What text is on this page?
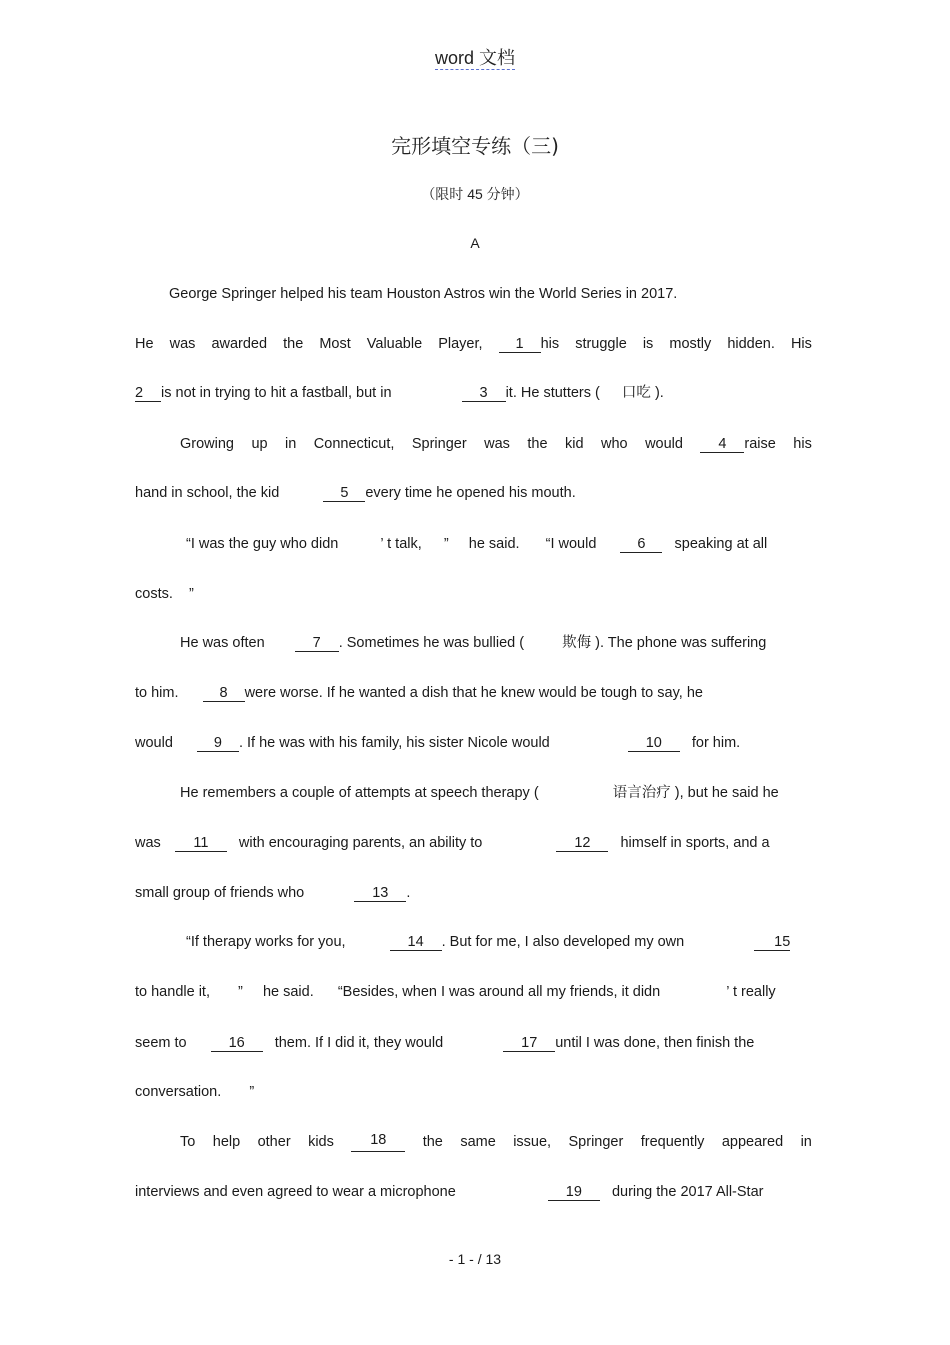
word 文档
完形填空专练（三)
（限时 45 分钟）
A
George Springer helped his team Houston Astros win the World Series in 2017.
He was awarded the Most Valuable Player,	1 his struggle is mostly hidden. His
2 is not in trying to hit a fastball, but in	3 it. He stutters ( 口吃 ).
Growing up in Connecticut, Springer was the kid who would	4 raise his
hand in school, the kid	5 every time he opened his mouth.
“I was the guy who didn	’ t talk, ” he said. “I would	6 speaking at all
costs. ”
He was often	7 . Sometimes he was bullied (	欺侮 ). The phone was suffering
to him.	8 were worse. If he wanted a dish that he knew would be tough to say, he
would	9 . If he was with his family, his sister Nicole would	10 for him.
He remembers a couple of attempts at speech therapy (	语言治疗 ), but he said he
was 11 with encouraging parents, an ability to	12 himself in sports, and a
small group of friends who	13 .
“If therapy works for you,	14 . But for me, I also developed my own	15
to handle it, ” he said. “Besides, when I was around all my friends, it didn	’ t really
seem to	16 them. If I did it, they would	17 until I was done, then finish the
conversation. ”
To help other kids	18	the same issue, Springer frequently appeared in
interviews and even agreed to wear a microphone	19 during the 2017 All-Star
- 1 - / 13
